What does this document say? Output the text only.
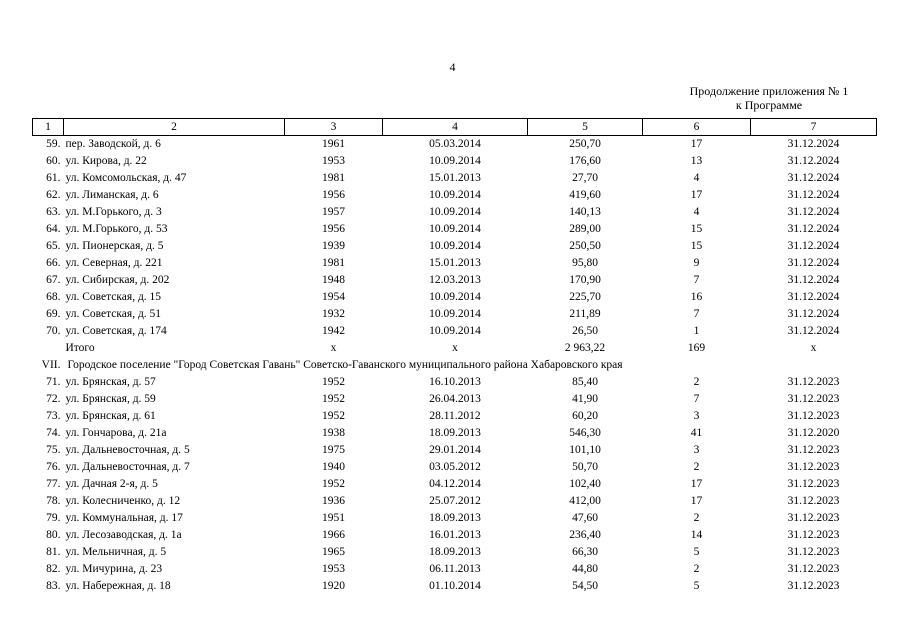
4
Продолжение приложения № 1
к Программе
1	2	3	4	5	6	7
59.	пер. Заводской, д. 6	1961	05.03.2014	250,70	17	31.12.2024
60.	ул. Кирова, д. 22	1953	10.09.2014	176,60	13	31.12.2024
61.	ул. Комсомольская, д. 47	1981	15.01.2013	27,70	4	31.12.2024
62.	ул. Лиманская, д. 6	1956	10.09.2014	419,60	17	31.12.2024
63.	ул. М.Горького, д. 3	1957	10.09.2014	140,13	4	31.12.2024
64.	ул. М.Горького, д. 53	1956	10.09.2014	289,00	15	31.12.2024
65.	ул. Пионерская, д. 5	1939	10.09.2014	250,50	15	31.12.2024
66.	ул. Северная, д. 221	1981	15.01.2013	95,80	9	31.12.2024
67.	ул. Сибирская, д. 202	1948	12.03.2013	170,90	7	31.12.2024
68.	ул. Советская, д. 15	1954	10.09.2014	225,70	16	31.12.2024
69.	ул. Советская, д. 51	1932	10.09.2014	211,89	7	31.12.2024
70.	ул. Советская, д. 174	1942	10.09.2014	26,50	1	31.12.2024
	Итого	х	х	2 963,22	169	х
VII.	Городское поселение "Город Советская Гавань" Советско-Гаванского муниципального района Хабаровского края					
71.	ул. Брянская, д. 57	1952	16.10.2013	85,40	2	31.12.2023
72.	ул. Брянская, д. 59	1952	26.04.2013	41,90	7	31.12.2023
73.	ул. Брянская, д. 61	1952	28.11.2012	60,20	3	31.12.2023
74.	ул. Гончарова, д. 21а	1938	18.09.2013	546,30	41	31.12.2020
75.	ул. Дальневосточная, д. 5	1975	29.01.2014	101,10	3	31.12.2023
76.	ул. Дальневосточная, д. 7	1940	03.05.2012	50,70	2	31.12.2023
77.	ул. Дачная 2-я, д. 5	1952	04.12.2014	102,40	17	31.12.2023
78.	ул. Колесниченко, д. 12	1936	25.07.2012	412,00	17	31.12.2023
79.	ул. Коммунальная, д. 17	1951	18.09.2013	47,60	2	31.12.2023
80.	ул. Лесозаводская, д. 1а	1966	16.01.2013	236,40	14	31.12.2023
81.	ул. Мельничная, д. 5	1965	18.09.2013	66,30	5	31.12.2023
82.	ул. Мичурина, д. 23	1953	06.11.2013	44,80	2	31.12.2023
83.	ул. Набережная, д. 18	1920	01.10.2014	54,50	5	31.12.2023
